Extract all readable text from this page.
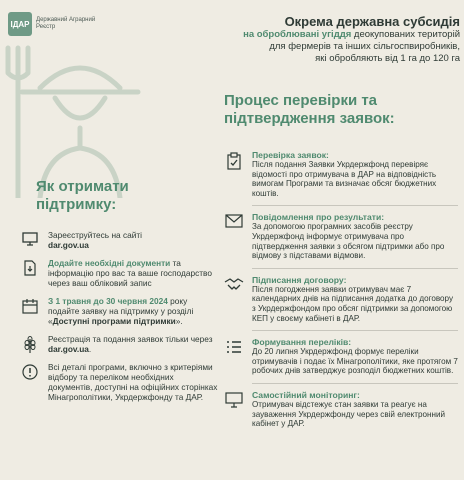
ІДАР	Державний Аграрний Реєстр	Окрема державна субсидія
на оброблювані угіддя деокупованих територій
для фермерів та інших сільгоспвиробників,
які обробляють від 1 га до 120 га
Процес перевірки та підтвердження заявок:
Як отримати підтримку:
Зареєструйтесь на сайті
dar.gov.ua
Додайте необхідні документи та інформацію про вас та ваше господарство через ваш обліковий запис
З 1 травня до 30 червня 2024 року подайте заявку на підтримку у розділі «Доступні програми підтримки».
Реєстрація та подання заявок тільки через dar.gov.ua.
Всі деталі програми, включно з критеріями відбору та переліком необхідних документів, доступні на офіційних сторінках Мінагрополітики, Укрдержфонду та ДАР.
Перевірка заявок:
Після подання Заявки Укрдержфонд перевіряє відомості про отримувача в ДАР на відповідність вимогам Програми та визначає обсяг бюджетних коштів.
Повідомлення про результати:
За допомогою програмних засобів реєстру Укрдержфонд інформує отримувача про підтвердження заявки з обсягом підтримки або про відмову з підставами відмови.
Підписання договору:
Після погодження заявки отримувач має 7 календарних днів на підписання додатка до договору з Укрдержфондом про обсяг підтримки за допомогою КЕП у своєму кабінеті в ДАР.
Формування переліків:
До 20 липня Укрдержфонд формує переліки отримувачів і подає їх Мінагрополітики, яке протягом 7 робочих днів затверджує розподіл бюджетних коштів.
Самостійний моніторинг:
Отримувач відстежує стан заявки та реагує на зауваження Укрдержфонду через свій електронний кабінет у ДАР.
